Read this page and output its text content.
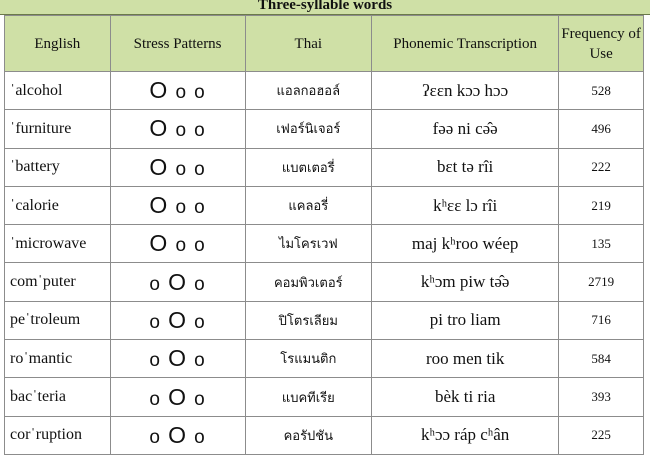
Three-syllable words
English	Stress Patterns	Thai	Phonemic Transcription	Frequency of Use
ˈalcohol	O o o	แอลกอฮอล์	ʔɛɛn kɔɔ hɔɔ	528
ˈfurniture	O o o	เฟอร์นิเจอร์	fəə ni cə̂ə	496
ˈbattery	O o o	แบตเตอรี่	bɛt tə rîi	222
ˈcalorie	O o o	แคลอรี่	kʰɛɛ lɔ rîi	219
ˈmicrowave	O o o	ไมโครเวฟ	maj kʰroo wéep	135
comˈputer	o O o	คอมพิวเตอร์	kʰɔm piw tə̂ə	2719
peˈtroleum	o O o	ปิโตรเลียม	pi tro liam	716
roˈmantic	o O o	โรแมนติก	roo men tik	584
bacˈteria	o O o	แบคทีเรีย	bèk ti ria	393
corˈruption	o O o	คอรัปชัน	kʰɔɔ ráp cʰân	225
